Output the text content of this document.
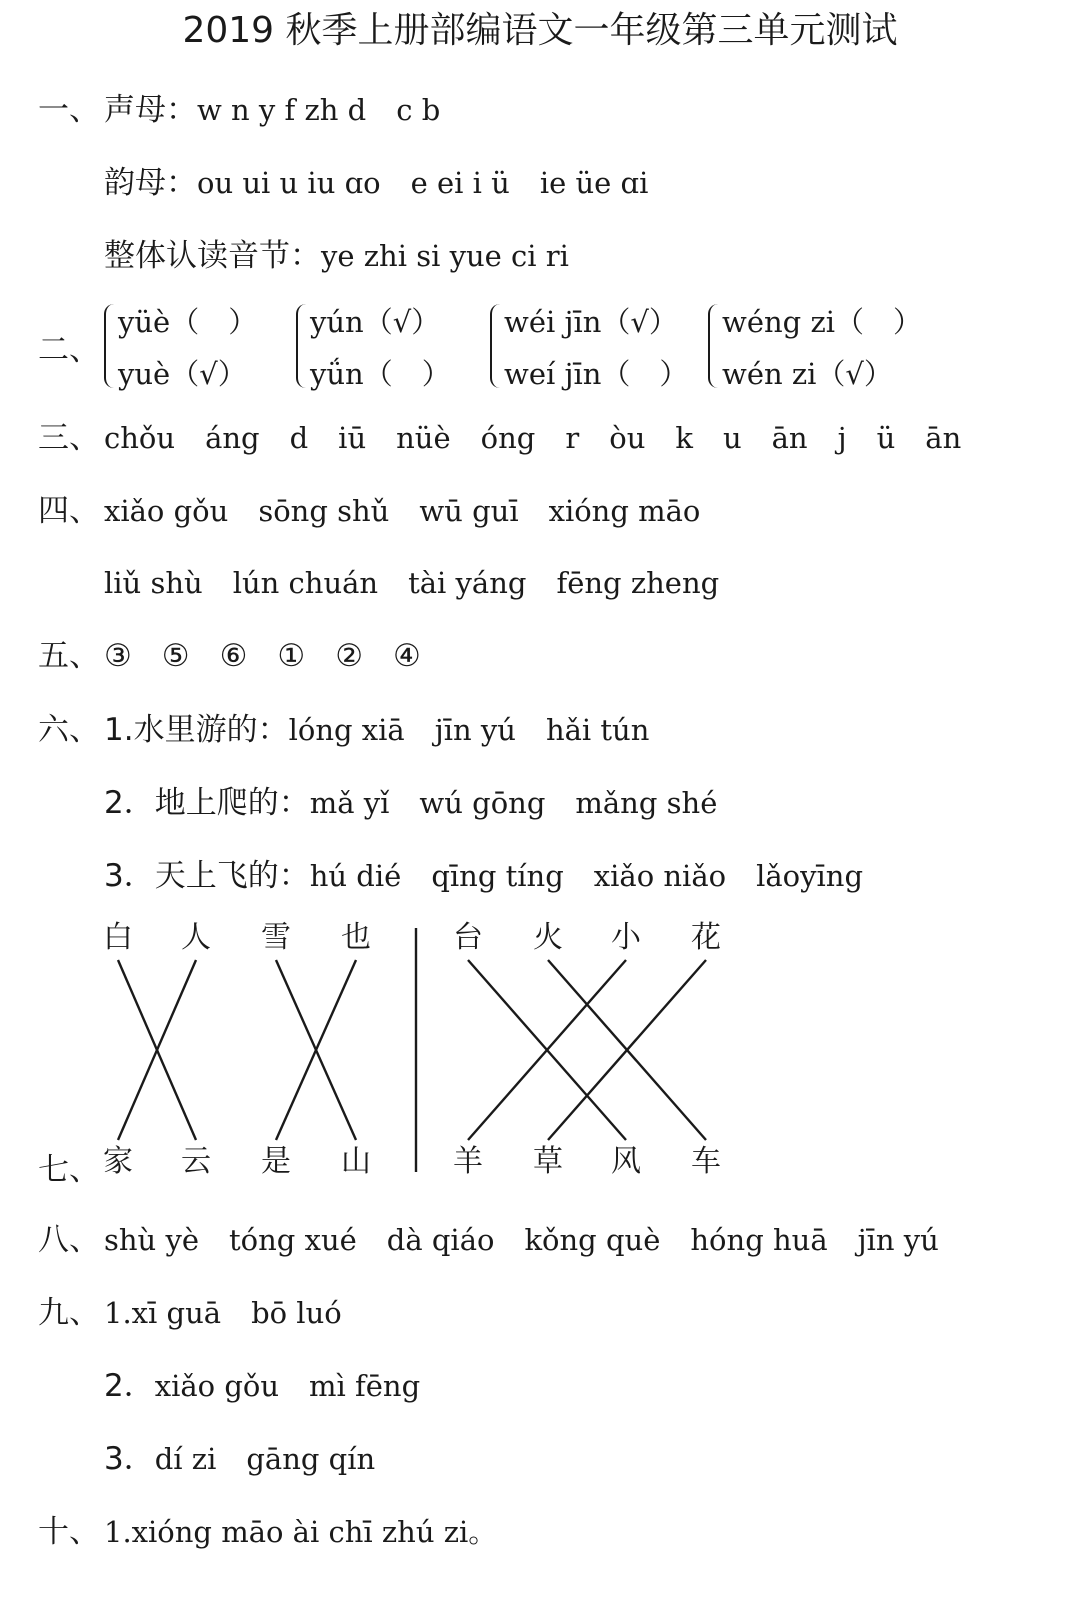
2019 秋季上册部编语文一年级第三单元测试
一、 声母：w n y f zh d c b
韵母：ou ui u iu ɑo e ei i ü ie üe ɑi
整体认读音节：ye zhi si yue ci ri
二、
yüè（　）
yuè（√）
yún（√）
yǘn（　）
wéi jīn（√）
weí jīn（　）
wéng zi（　）
wén zi（√）
三、 chǒu áng d iū nüè óng r òu k u ān j ü ān
四、 xiǎo gǒu sōng shǔ wū guī xióng māo
liǔ shù lún chuán tài yáng fēng zheng
五、 ③ ⑤ ⑥ ① ② ④
六、 1.水里游的：lóng xiā jīn yú hǎi tún
2．地上爬的：mǎ yǐ wú gōng mǎng shé
3．天上飞的：hú dié qīng tíng xiǎo niǎo lǎoyīng
白 人 雪 也	台 火 小 花
七、 家 云 是 山	羊 草 风 车
八、 shù yè tóng xué dà qiáo kǒng què hóng huā jīn yú
九、 1.xī guā bō luó
2．xiǎo gǒu mì fēng
3．dí zi gāng qín
十、 1.xióng māo ài chī zhú zi。
